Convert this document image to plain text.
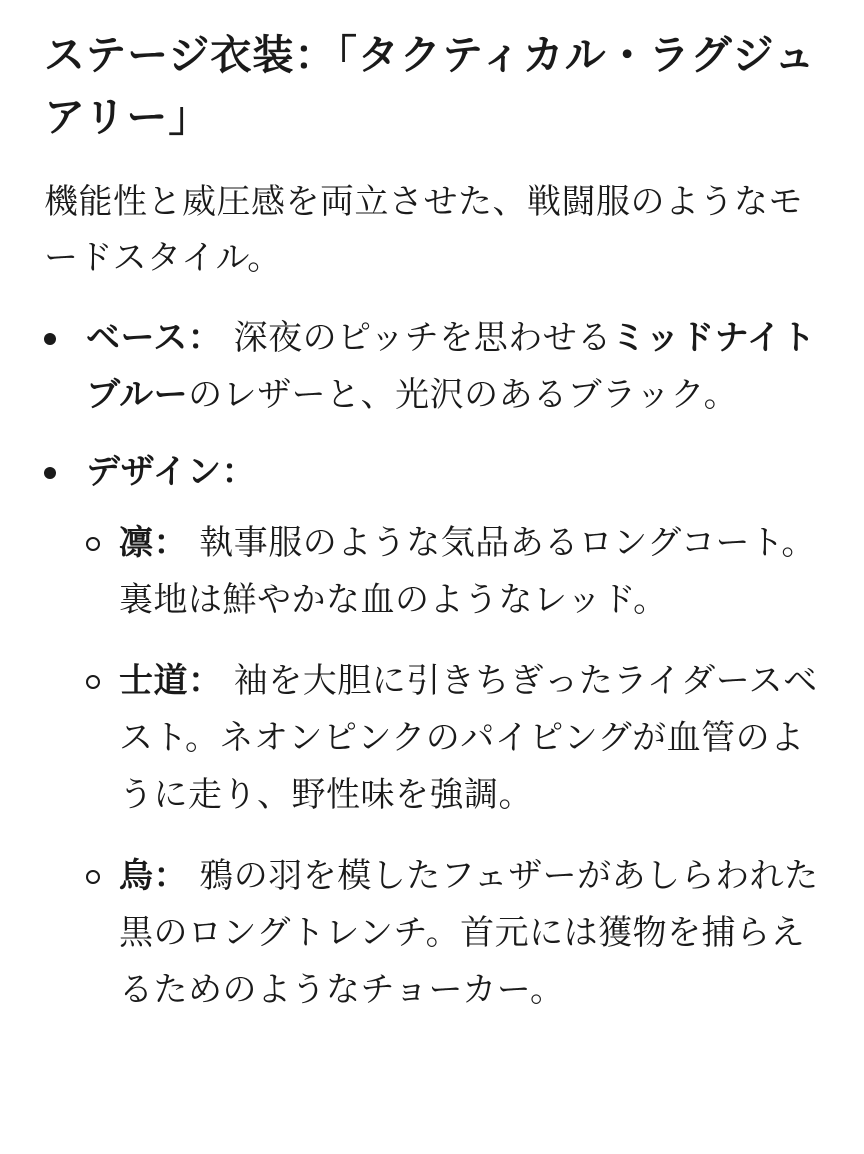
ステージ衣装：「タクティカル・ラグジュアリー」

機能性と威圧感を両立させた、戦闘服のようなモードスタイル。

ベース： 深夜のピッチを思わせるミッドナイトブルーのレザーと、光沢のあるブラック。
デザイン：
凛： 執事服のような気品あるロングコート。裏地は鮮やかな血のようなレッド。
士道： 袖を大胆に引きちぎったライダースベスト。ネオンピンクのパイピングが血管のように走り、野性味を強調。
烏： 鴉の羽を模したフェザーがあしらわれた黒のロングトレンチ。首元には獲物を捕らえるためのようなチョーカー。
